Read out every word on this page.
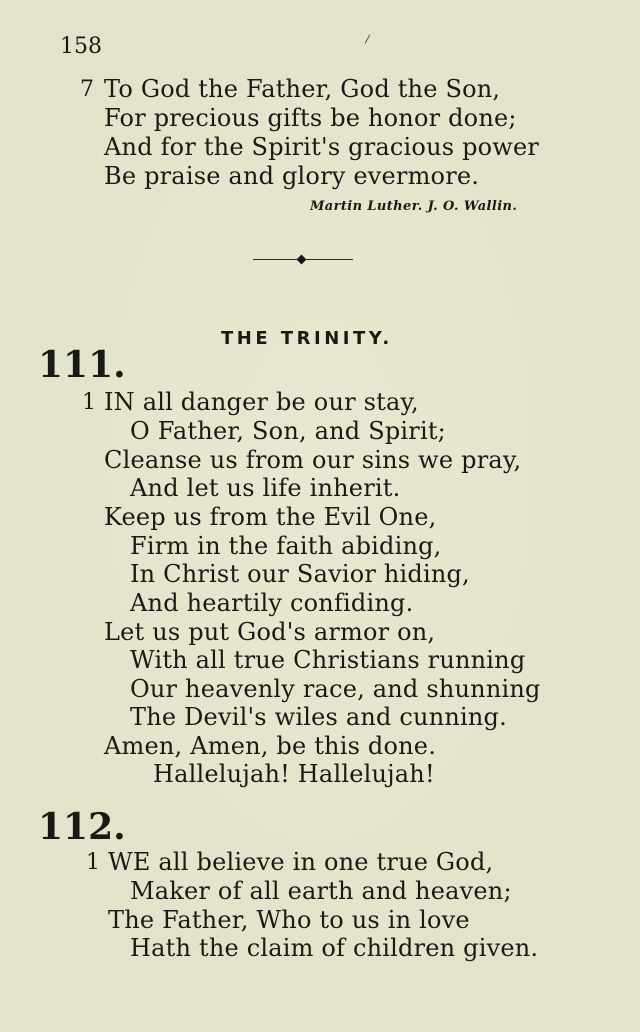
158
7 To God the Father, God the Son,
For precious gifts be honor done;
And for the Spirit's gracious power
Be praise and glory evermore.
Martin Luther. J. O. Wallin.
THE TRINITY.
111.
1 IN all danger be our stay,
O Father, Son, and Spirit;
Cleanse us from our sins we pray,
And let us life inherit.
Keep us from the Evil One,
Firm in the faith abiding,
In Christ our Savior hiding,
And heartily confiding.
Let us put God's armor on,
With all true Christians running
Our heavenly race, and shunning
The Devil's wiles and cunning.
Amen, Amen, be this done.
Hallelujah! Hallelujah!
112.
1 WE all believe in one true God,
Maker of all earth and heaven;
The Father, Who to us in love
Hath the claim of children given.
